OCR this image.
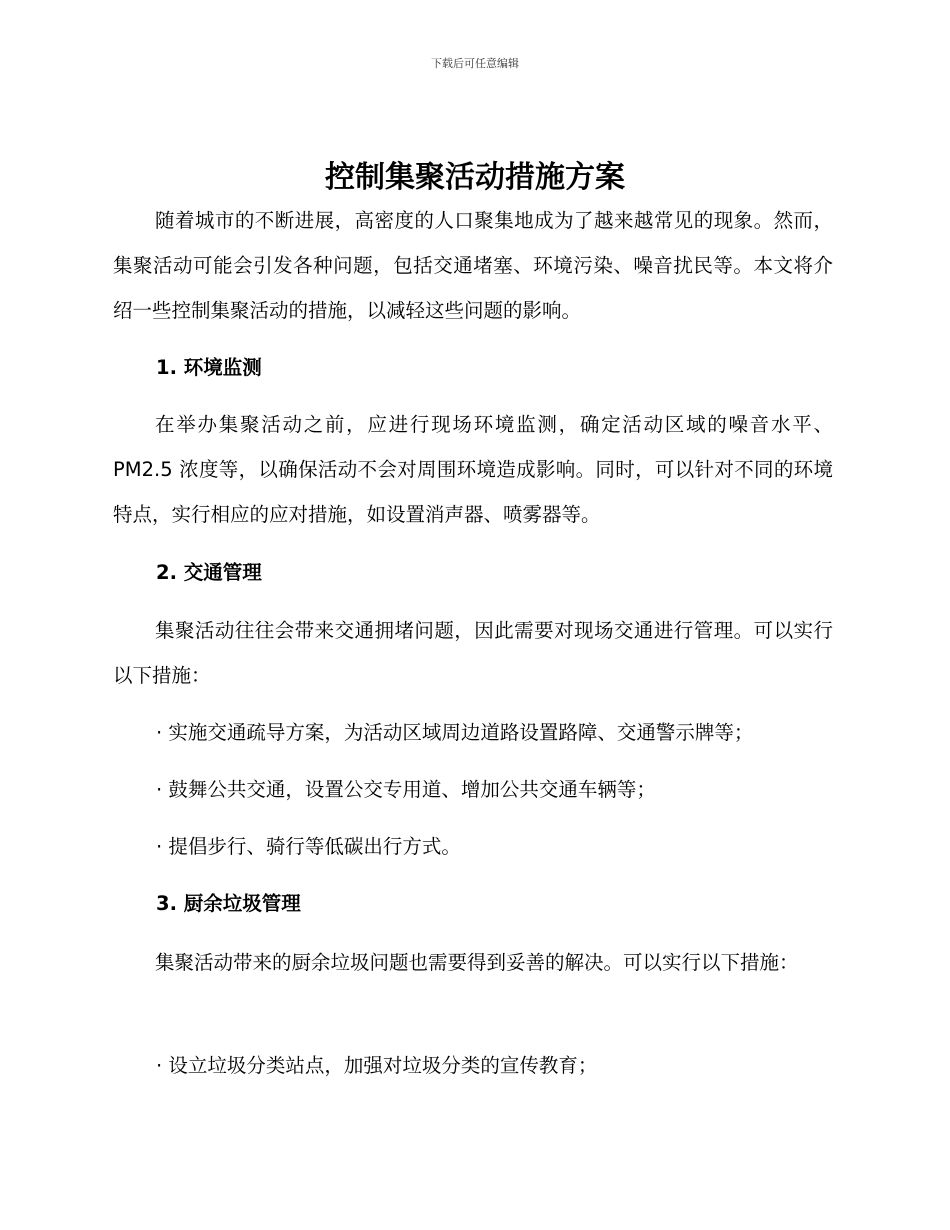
下载后可任意编辑
控制集聚活动措施方案

随着城市的不断进展，高密度的人口聚集地成为了越来越常见的现象。然而，集聚活动可能会引发各种问题，包括交通堵塞、环境污染、噪音扰民等。本文将介绍一些控制集聚活动的措施，以减轻这些问题的影响。

1. 环境监测

在举办集聚活动之前，应进行现场环境监测，确定活动区域的噪音水平、PM2.5 浓度等，以确保活动不会对周围环境造成影响。同时，可以针对不同的环境特点，实行相应的应对措施，如设置消声器、喷雾器等。

2. 交通管理

集聚活动往往会带来交通拥堵问题，因此需要对现场交通进行管理。可以实行以下措施：

· 实施交通疏导方案，为活动区域周边道路设置路障、交通警示牌等；

· 鼓舞公共交通，设置公交专用道、增加公共交通车辆等；

· 提倡步行、骑行等低碳出行方式。

3. 厨余垃圾管理

集聚活动带来的厨余垃圾问题也需要得到妥善的解决。可以实行以下措施：

· 设立垃圾分类站点，加强对垃圾分类的宣传教育；
